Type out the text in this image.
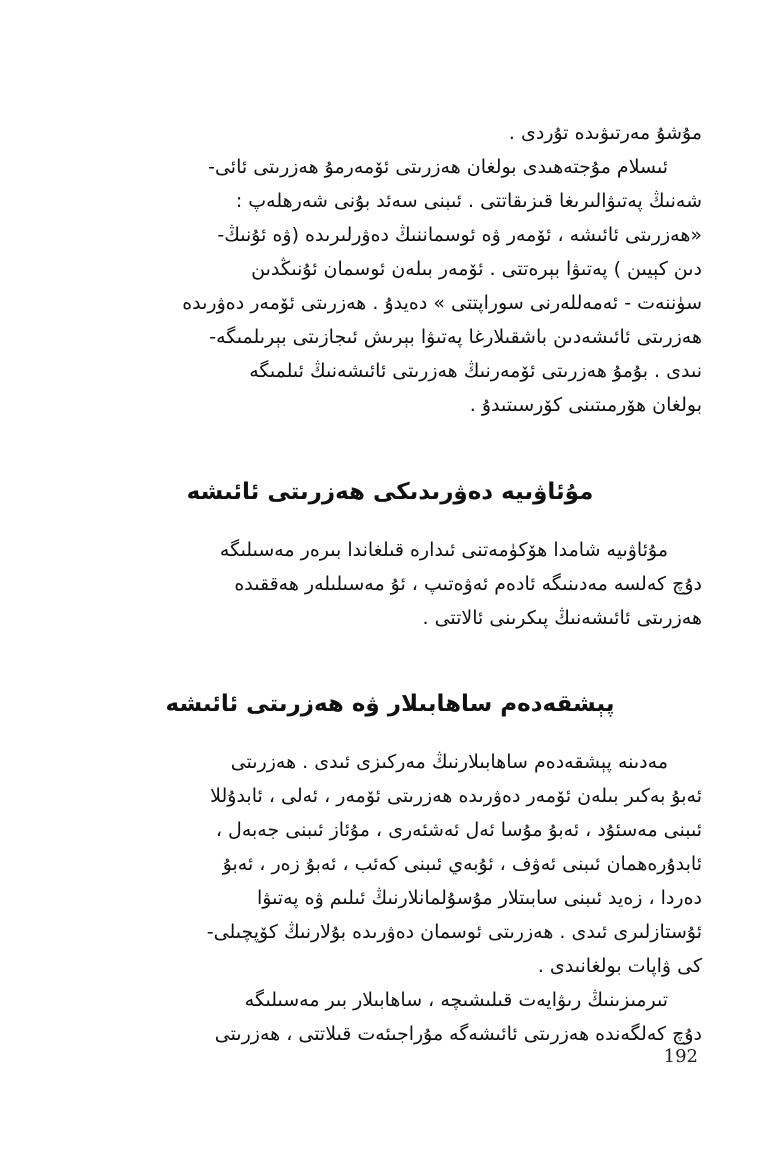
مۇشۇ مەرتىۋىدە تۇردى .
ئىسلام مۇجتەھىدى بولغان ھەزرىتى ئۆمەرمۇ ھەزرىتى ئائى-
شەنىڭ پەتىۋالىرىغا قىزىقاتتى . ئىبنى سەئد بۇنى شەرھلەپ :
«ھەزرىتى ئائىشە ، ئۆمەر ۋە ئوسماننىڭ دەۋرلىرىدە (ۋە ئۇنىڭ-
دىن كېيىن ) پەتىۋا بېرەتتى . ئۆمەر بىلەن ئوسمان ئۇنىڭدىن
سۈننەت - ئەمەللەرنى سوراپتتى » دەيدۇ . ھەزرىتى ئۆمەر دەۋرىدە
ھەزرىتى ئائىشەدىن باشقىلارغا پەتىۋا بېرىش ئىجازىتى بېرىلمىگە-
نىدى . بۇمۇ ھەزرىتى ئۆمەرنىڭ ھەزرىتى ئائىشەنىڭ ئىلمىگە
بولغان ھۆرمىتىنى كۆرسىتىدۇ .
مۇئاۋىيە دەۋرىدىكى ھەزرىتى ئائىشە
مۇئاۋىيە شامدا ھۆكۈمەتنى ئىدارە قىلغاندا بىرەر مەسىلىگە
دۇچ كەلسە مەدىنىگە ئادەم ئەۋەتىپ ، ئۇ مەسىلىلەر ھەققىدە
ھەزرىتى ئائىشەنىڭ پىكرىنى ئالاتتى .
پېشقەدەم ساھابىلار ۋە ھەزرىتى ئائىشە
مەدىنە پېشقەدەم ساھابىلارنىڭ مەركىزى ئىدى . ھەزرىتى
ئەبۇ بەكىر بىلەن ئۆمەر دەۋرىدە ھەزرىتى ئۆمەر ، ئەلى ، ئابدۇللا
ئىبنى مەسئۇد ، ئەبۇ مۇسا ئەل ئەشئەرى ، مۇئاز ئىبنى جەبەل ،
ئابدۇرەھمان ئىبنى ئەۋف ، ئۇبەي ئىبنى كەئب ، ئەبۇ زەر ، ئەبۇ
دەردا ، زەيد ئىبنى سابىتلار مۇسۇلمانلارنىڭ ئىلىم ۋە پەتىۋا
ئۇستازلىرى ئىدى . ھەزرىتى ئوسمان دەۋرىدە بۇلارنىڭ كۆپچىلى-
كى ۋاپات بولغانىدى .
تىرمىزىنىڭ رىۋايەت قىلىشىچە ، ساھابىلار بىر مەسىلىگە
دۇچ كەلگەندە ھەزرىتى ئائىشەگە مۇراجىئەت قىلاتتى ، ھەزرىتى
192
